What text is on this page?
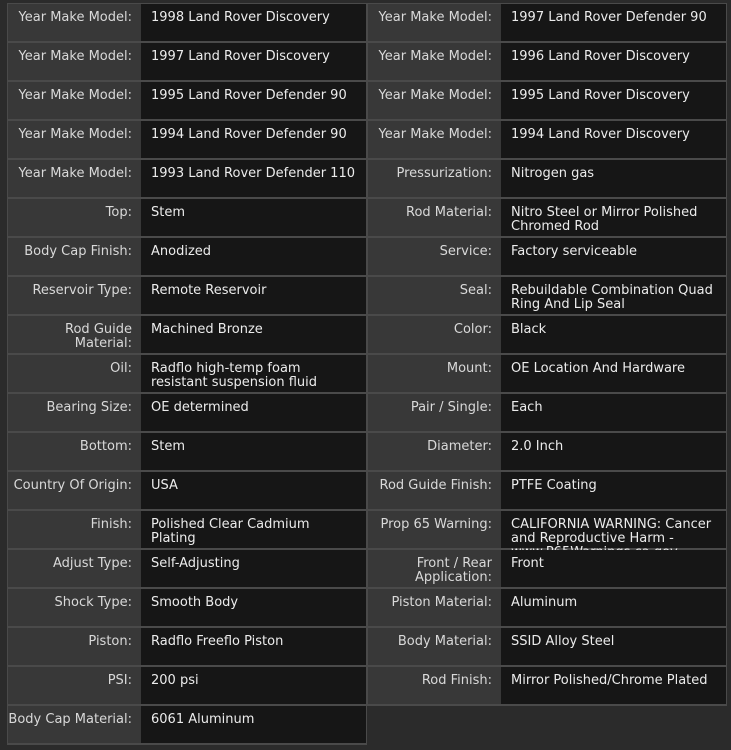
Year Make Model:	1998 Land Rover Discovery
Year Make Model:	1997 Land Rover Discovery
Year Make Model:	1995 Land Rover Defender 90
Year Make Model:	1994 Land Rover Defender 90
Year Make Model:	1993 Land Rover Defender 110
Top:	Stem
Body Cap Finish:	Anodized
Reservoir Type:	Remote Reservoir
Rod Guide Material:
Machined Bronze
Oil:	Radflo high-temp foam resistant suspension fluid
Bearing Size:	OE determined
Bottom:	Stem
Country Of Origin:	USA
Finish:	Polished Clear Cadmium Plating
Adjust Type:	Self-Adjusting
Shock Type:	Smooth Body
Piston:	Radflo Freeflo Piston
PSI:	200 psi
Body Cap Material:	6061 Aluminum
Year Make Model:	1997 Land Rover Defender 90
Year Make Model:	1996 Land Rover Discovery
Year Make Model:	1995 Land Rover Discovery
Year Make Model:	1994 Land Rover Discovery
Pressurization:	Nitrogen gas
Rod Material:	Nitro Steel or Mirror Polished Chromed Rod
Service:	Factory serviceable
Seal:	Rebuildable Combination Quad Ring And Lip Seal
Color:	Black
Mount:	OE Location And Hardware
Pair / Single:	Each
Diameter:	2.0 Inch
Rod Guide Finish:	PTFE Coating
Prop 65 Warning:	CALIFORNIA WARNING: Cancer and Reproductive Harm -
Front / Rear Application:
Front
Piston Material:	Aluminum
Body Material:	SSID Alloy Steel
Rod Finish:	Mirror Polished/Chrome Plated
